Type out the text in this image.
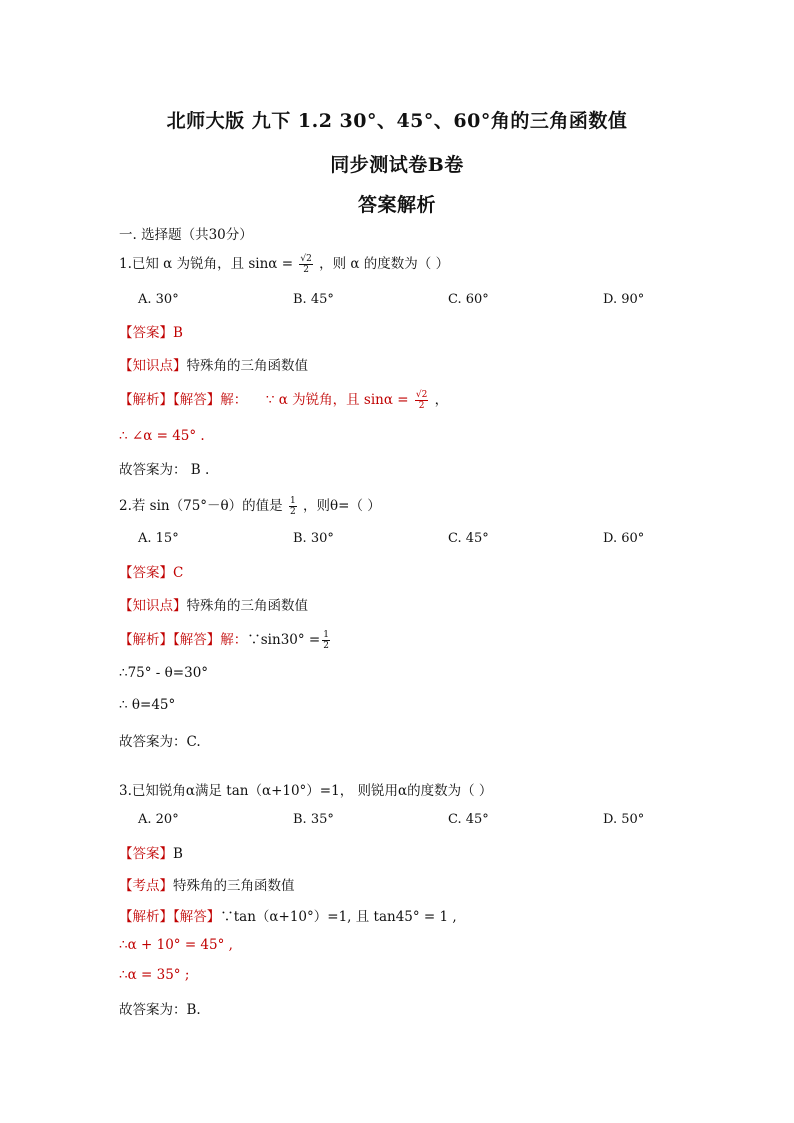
北师大版 九下 1.2 30°、45°、60°角的三角函数值
同步测试卷B卷
答案解析
一. 选择题（共30分）
1.已知 α 为锐角，且 $\sin\alpha = \frac{√2}{2}$ ，则 α 的度数为（ ）
A. 30°	B. 45°	C. 60°	D. 90°
【答案】B
【知识点】特殊角的三角函数值
【解析】【解答】解： ∵ α 为锐角，且 $\sin\alpha = \frac{√2}{2}$ ，
∴ ∠α = 45° .
故答案为： B .
2.若 sin（75°－θ）的值是 $\frac{1}{2}$ ，则θ=（ ）
A. 15°	B. 30°	C. 45°	D. 60°
【答案】C
【知识点】特殊角的三角函数值
【解析】【解答】解：∵sin30° = $\frac{1}{2}$
∴75° - θ=30°
∴ θ=45°
故答案为：C.
3.已知锐角α满足 tan（α+10°）=1， 则锐用α的度数为（ ）
A. 20°	B. 35°	C. 45°	D. 50°
【答案】B
【考点】特殊角的三角函数值
【解析】【解答】∵tan（α+10°）=1, 且 tan45° = 1 ,
∴α + 10° = 45° ,
∴α = 35° ;
故答案为：B.
